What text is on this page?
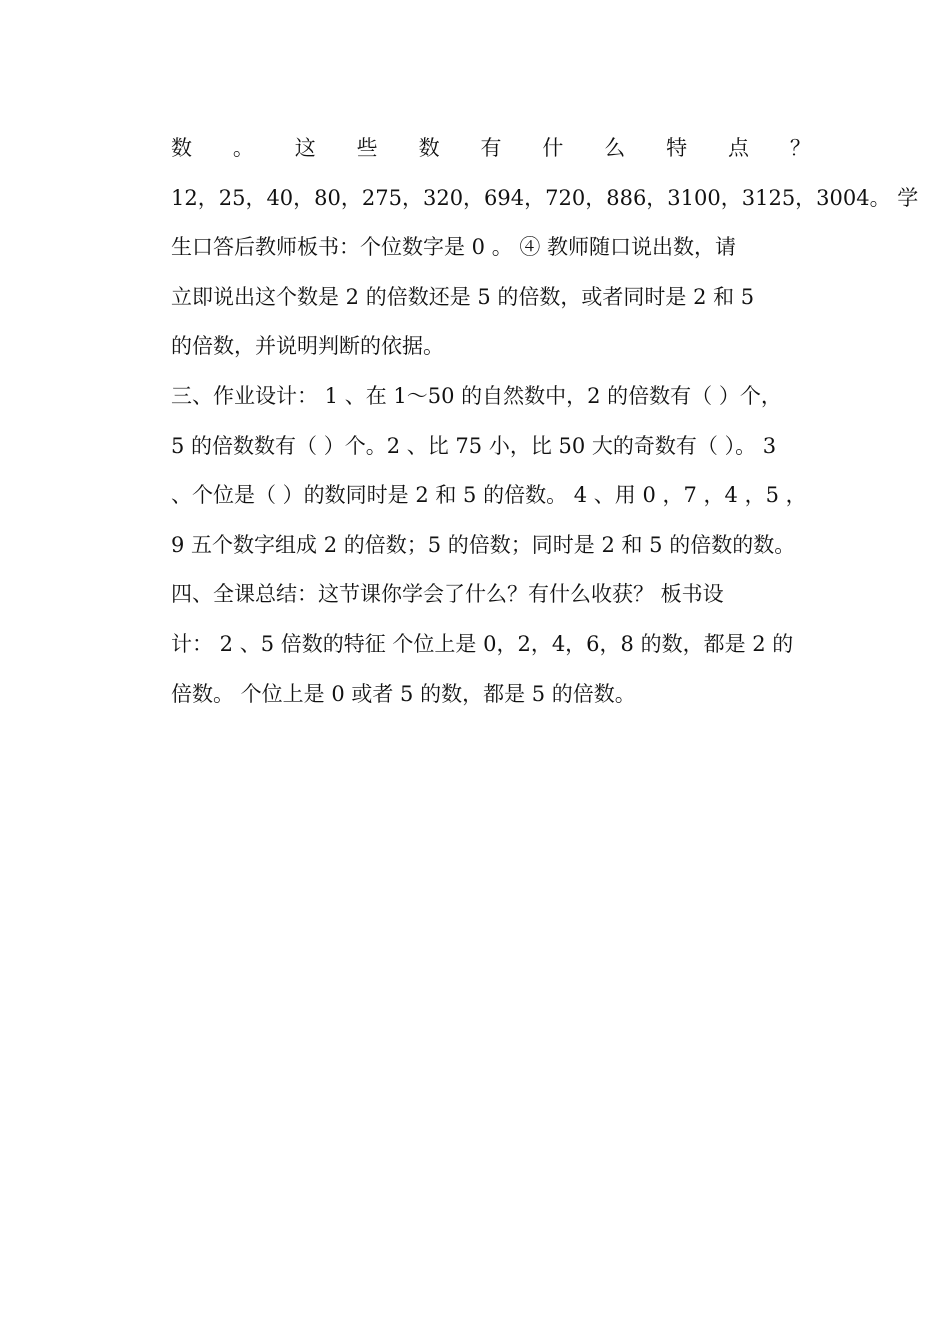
数 。 这 些 数 有 什 么 特 点 ？
12，25，40，80，275，320，694，720，886，3100，3125，3004。 学
生口答后教师板书：个位数字是 0 。 ④ 教师随口说出数，请
立即说出这个数是 2 的倍数还是 5 的倍数，或者同时是 2 和 5
的倍数，并说明判断的依据。
三、作业设计： 1 、在 1～50 的自然数中，2 的倍数有（ ）个，
5 的倍数数有（ ）个。2 、比 75 小，比 50 大的奇数有（ ）。 3
、个位是（ ）的数同时是 2 和 5 的倍数。 4 、用 0 ，7 ，4 ，5 ，
9 五个数字组成 2 的倍数；5 的倍数；同时是 2 和 5 的倍数的数。
四、全课总结：这节课你学会了什么？有什么收获？ 板书设
计： 2 、5 倍数的特征 个位上是 0，2，4，6，8 的数，都是 2 的
倍数。 个位上是 0 或者 5 的数，都是 5 的倍数。
